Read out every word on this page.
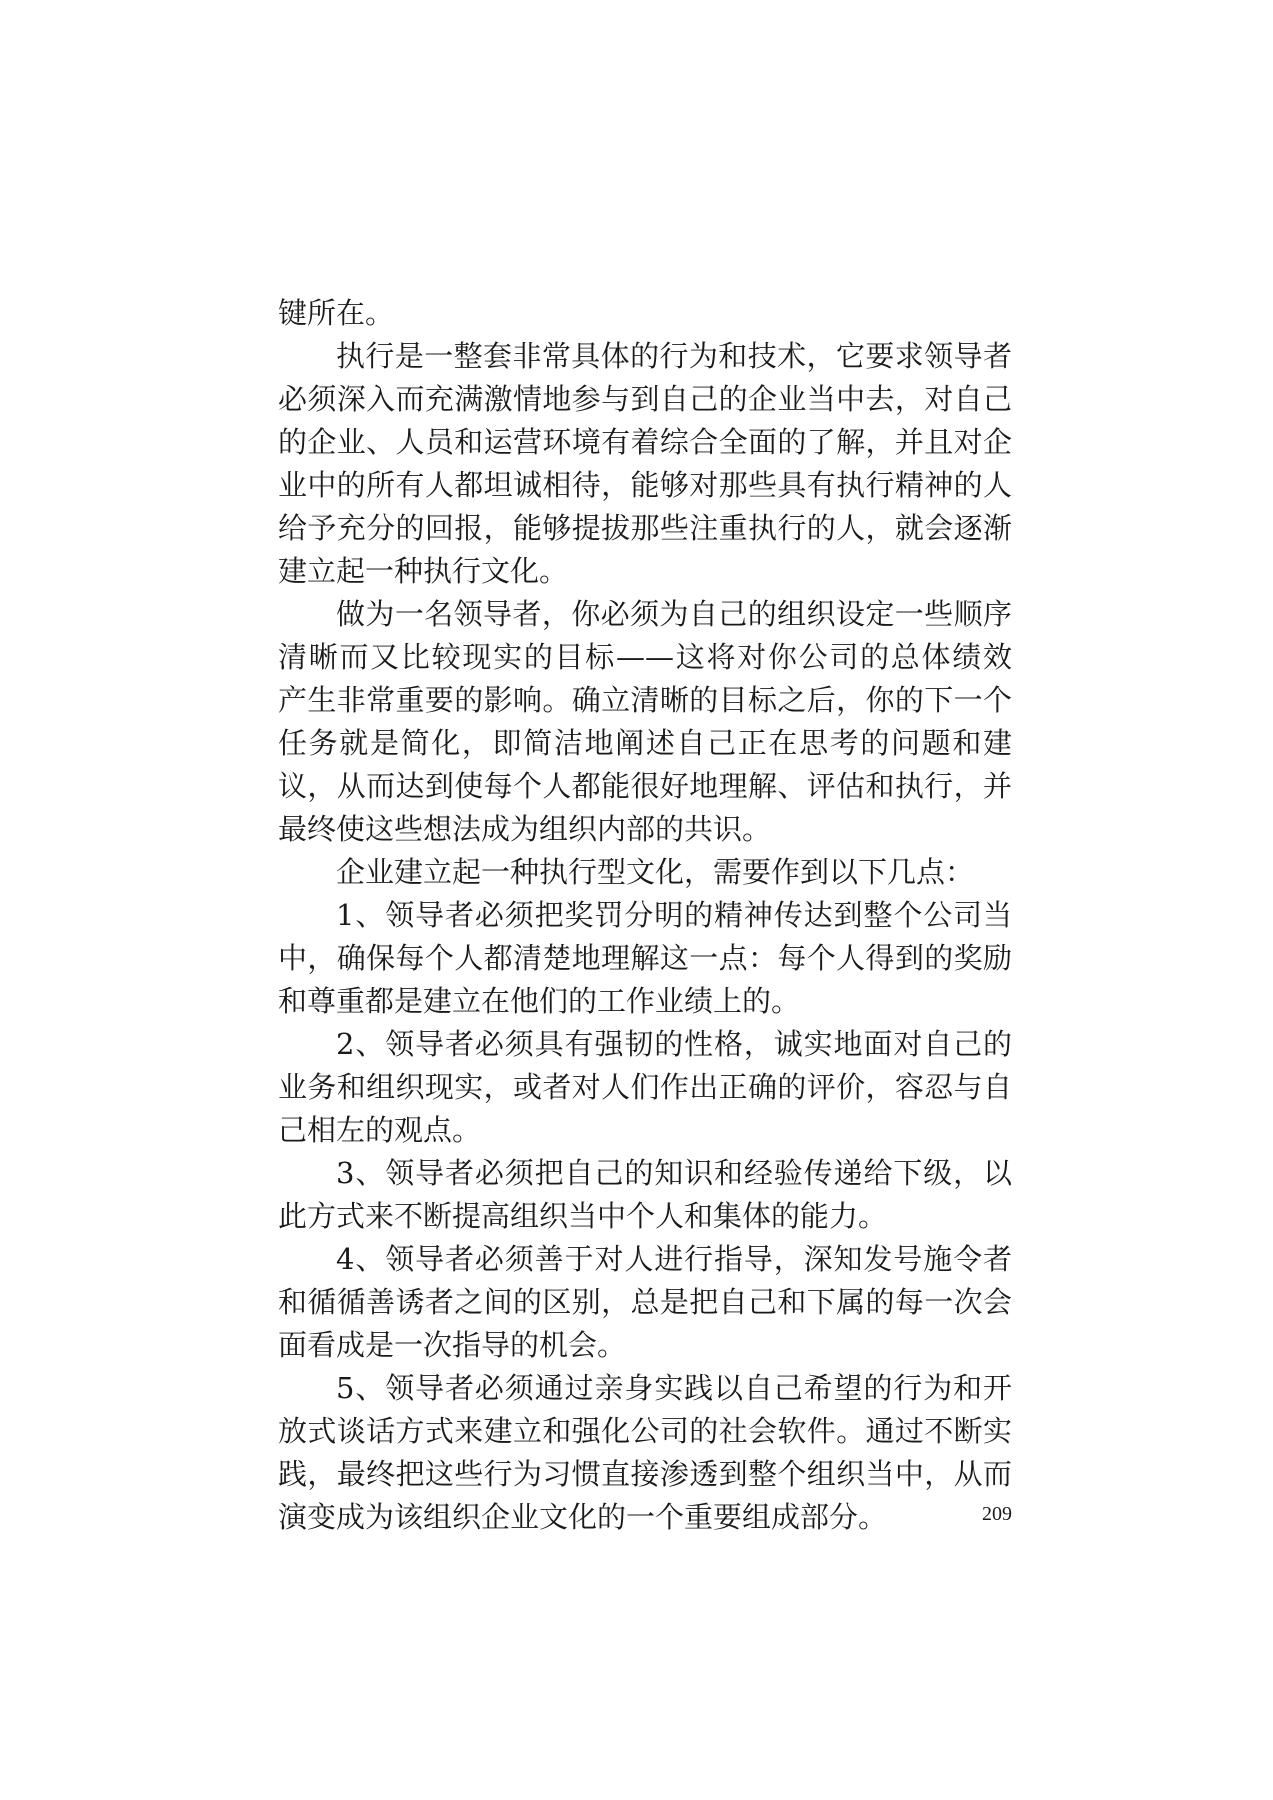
键所在。
执行是一整套非常具体的行为和技术，它要求领导者
必须深入而充满激情地参与到自己的企业当中去，对自己
的企业、人员和运营环境有着综合全面的了解，并且对企
业中的所有人都坦诚相待，能够对那些具有执行精神的人
给予充分的回报，能够提拔那些注重执行的人，就会逐渐
建立起一种执行文化。
做为一名领导者，你必须为自己的组织设定一些顺序
清晰而又比较现实的目标——这将对你公司的总体绩效
产生非常重要的影响。确立清晰的目标之后，你的下一个
任务就是简化，即简洁地阐述自己正在思考的问题和建
议，从而达到使每个人都能很好地理解、评估和执行，并
最终使这些想法成为组织内部的共识。
企业建立起一种执行型文化，需要作到以下几点：
1、领导者必须把奖罚分明的精神传达到整个公司当
中，确保每个人都清楚地理解这一点：每个人得到的奖励
和尊重都是建立在他们的工作业绩上的。
2、领导者必须具有强韧的性格，诚实地面对自己的
业务和组织现实，或者对人们作出正确的评价，容忍与自
己相左的观点。
3、领导者必须把自己的知识和经验传递给下级，以
此方式来不断提高组织当中个人和集体的能力。
4、领导者必须善于对人进行指导，深知发号施令者
和循循善诱者之间的区别，总是把自己和下属的每一次会
面看成是一次指导的机会。
5、领导者必须通过亲身实践以自己希望的行为和开
放式谈话方式来建立和强化公司的社会软件。通过不断实
践，最终把这些行为习惯直接渗透到整个组织当中，从而
演变成为该组织企业文化的一个重要组成部分。	209
